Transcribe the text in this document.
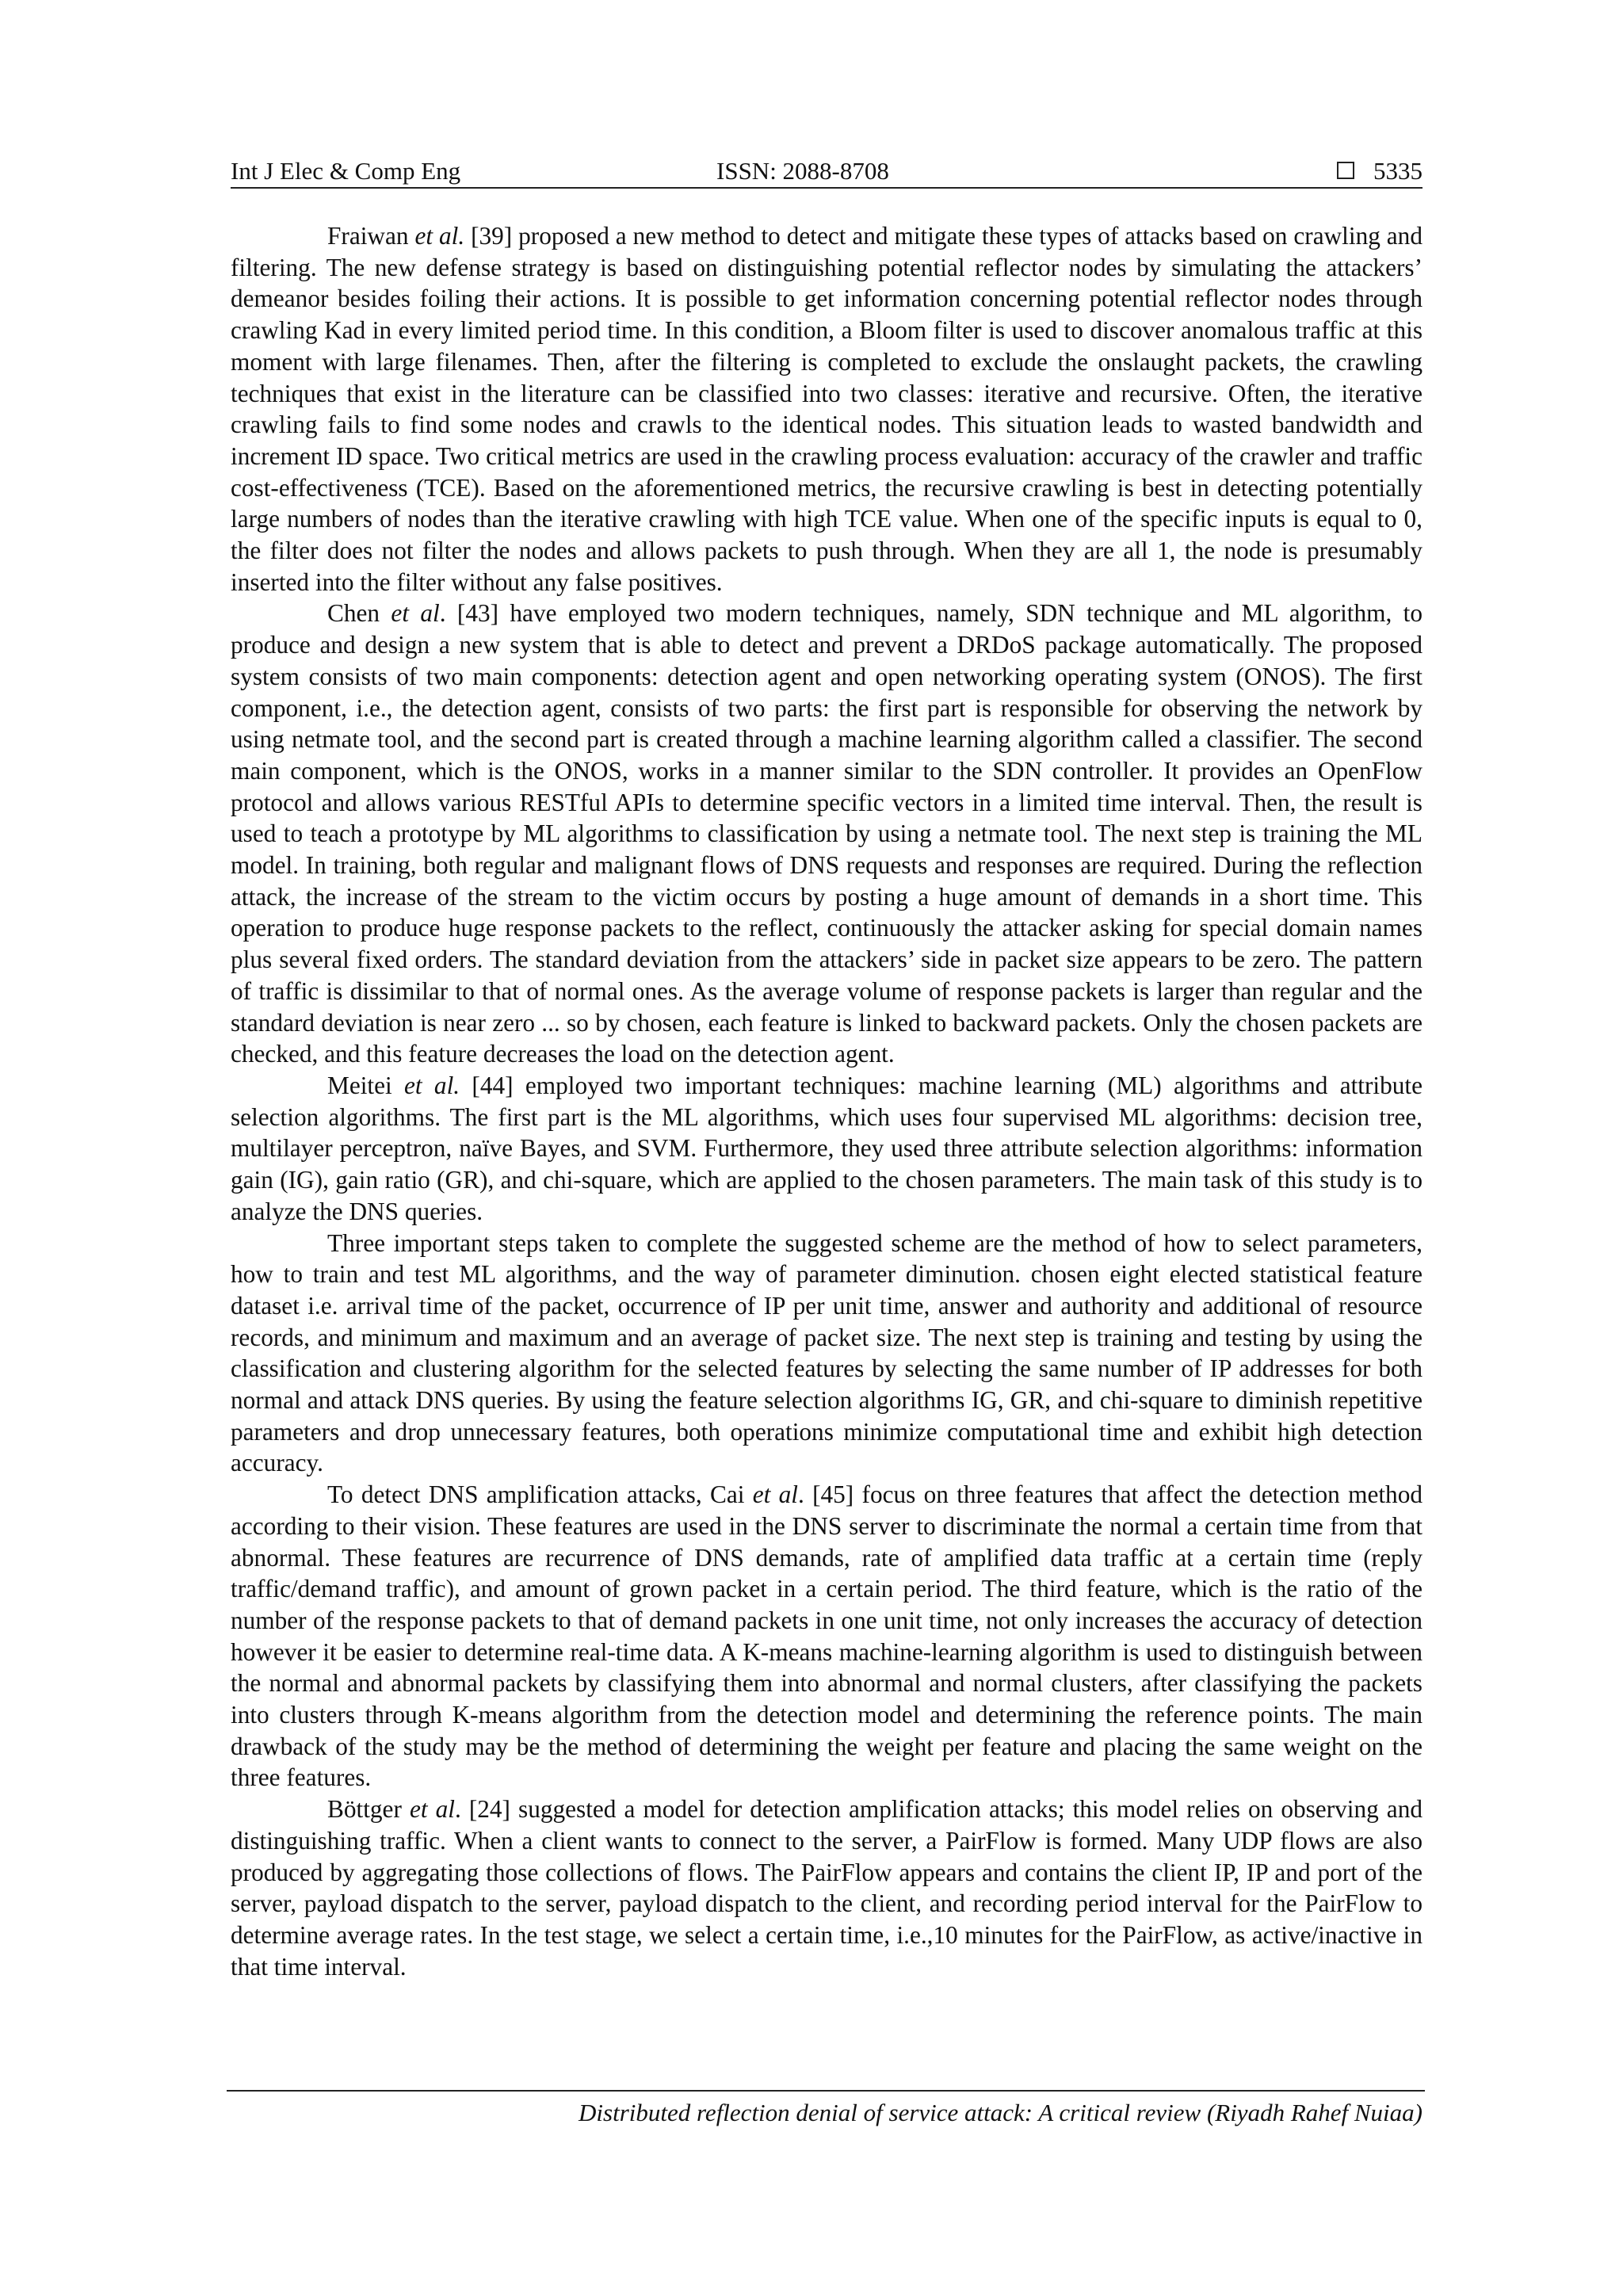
Int J Elec & Comp Eng	ISSN: 2088-8708	5335

Fraiwan et al. [39] proposed a new method to detect and mitigate these types of attacks based on crawling and filtering. The new defense strategy is based on distinguishing potential reflector nodes by simulating the attackers’ demeanor besides foiling their actions. It is possible to get information concerning potential reflector nodes through crawling Kad in every limited period time. In this condition, a Bloom filter is used to discover anomalous traffic at this moment with large filenames. Then, after the filtering is completed to exclude the onslaught packets, the crawling techniques that exist in the literature can be classified into two classes: iterative and recursive. Often, the iterative crawling fails to find some nodes and crawls to the identical nodes. This situation leads to wasted bandwidth and increment ID space. Two critical metrics are used in the crawling process evaluation: accuracy of the crawler and traffic cost-effectiveness (TCE). Based on the aforementioned metrics, the recursive crawling is best in detecting potentially large numbers of nodes than the iterative crawling with high TCE value. When one of the specific inputs is equal to 0, the filter does not filter the nodes and allows packets to push through. When they are all 1, the node is presumably inserted into the filter without any false positives.

Chen et al. [43] have employed two modern techniques, namely, SDN technique and ML algorithm, to produce and design a new system that is able to detect and prevent a DRDoS package automatically. The proposed system consists of two main components: detection agent and open networking operating system (ONOS). The first component, i.e., the detection agent, consists of two parts: the first part is responsible for observing the network by using netmate tool, and the second part is created through a machine learning algorithm called a classifier. The second main component, which is the ONOS, works in a manner similar to the SDN controller. It provides an OpenFlow protocol and allows various RESTful APIs to determine specific vectors in a limited time interval. Then, the result is used to teach a prototype by ML algorithms to classification by using a netmate tool. The next step is training the ML model. In training, both regular and malignant flows of DNS requests and responses are required. During the reflection attack, the increase of the stream to the victim occurs by posting a huge amount of demands in a short time. This operation to produce huge response packets to the reflect, continuously the attacker asking for special domain names plus several fixed orders. The standard deviation from the attackers’ side in packet size appears to be zero. The pattern of traffic is dissimilar to that of normal ones. As the average volume of response packets is larger than regular and the standard deviation is near zero ... so by chosen, each feature is linked to backward packets. Only the chosen packets are checked, and this feature decreases the load on the detection agent.

Meitei et al. [44] employed two important techniques: machine learning (ML) algorithms and attribute selection algorithms. The first part is the ML algorithms, which uses four supervised ML algorithms: decision tree, multilayer perceptron, naïve Bayes, and SVM. Furthermore, they used three attribute selection algorithms: information gain (IG), gain ratio (GR), and chi-square, which are applied to the chosen parameters. The main task of this study is to analyze the DNS queries.

Three important steps taken to complete the suggested scheme are the method of how to select parameters, how to train and test ML algorithms, and the way of parameter diminution. chosen eight elected statistical feature dataset i.e. arrival time of the packet, occurrence of IP per unit time, answer and authority and additional of resource records, and minimum and maximum and an average of packet size. The next step is training and testing by using the classification and clustering algorithm for the selected features by selecting the same number of IP addresses for both normal and attack DNS queries. By using the feature selection algorithms IG, GR, and chi-square to diminish repetitive parameters and drop unnecessary features, both operations minimize computational time and exhibit high detection accuracy.

To detect DNS amplification attacks, Cai et al. [45] focus on three features that affect the detection method according to their vision. These features are used in the DNS server to discriminate the normal a certain time from that abnormal. These features are recurrence of DNS demands, rate of amplified data traffic at a certain time (reply traffic/demand traffic), and amount of grown packet in a certain period. The third feature, which is the ratio of the number of the response packets to that of demand packets in one unit time, not only increases the accuracy of detection however it be easier to determine real-time data. A K-means machine-learning algorithm is used to distinguish between the normal and abnormal packets by classifying them into abnormal and normal clusters, after classifying the packets into clusters through K-means algorithm from the detection model and determining the reference points. The main drawback of the study may be the method of determining the weight per feature and placing the same weight on the three features.

Böttger et al. [24] suggested a model for detection amplification attacks; this model relies on observing and distinguishing traffic. When a client wants to connect to the server, a PairFlow is formed. Many UDP flows are also produced by aggregating those collections of flows. The PairFlow appears and contains the client IP, IP and port of the server, payload dispatch to the server, payload dispatch to the client, and recording period interval for the PairFlow to determine average rates. In the test stage, we select a certain time, i.e.,10 minutes for the PairFlow, as active/inactive in that time interval.

Distributed reflection denial of service attack: A critical review (Riyadh Rahef Nuiaa)
